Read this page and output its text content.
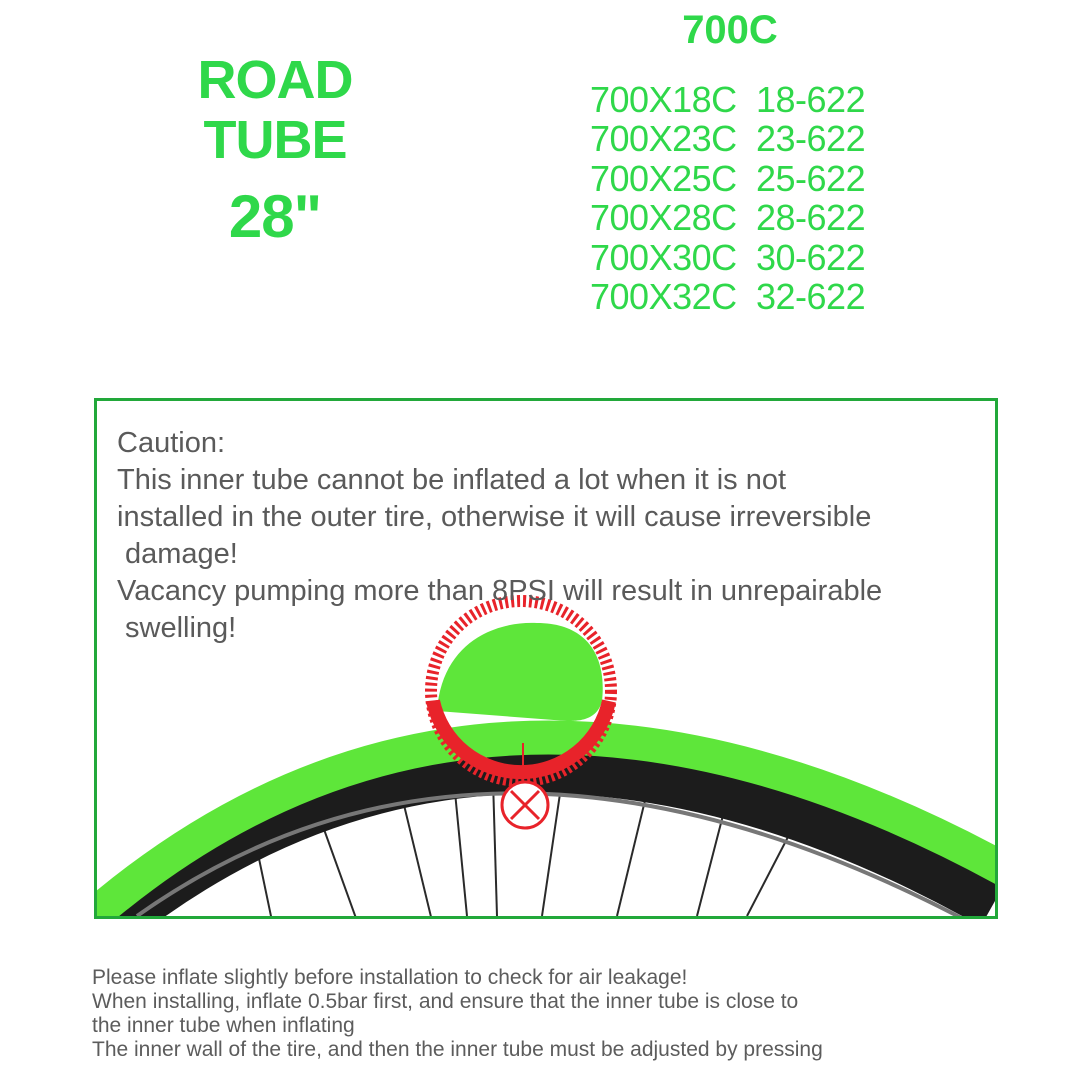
ROAD
TUBE
28"
700C
700X18C 18-622
700X23C 23-622
700X25C 25-622
700X28C 28-622
700X30C 30-622
700X32C 32-622
Caution:
This inner tube cannot be inflated a lot when it is not
installed in the outer tire, otherwise it will cause irreversible
damage!
Vacancy pumping more than 8PSI will result in unrepairable
swelling!
Please inflate slightly before installation to check for air leakage!
When installing, inflate 0.5bar first, and ensure that the inner tube is close to
the inner tube when inflating
The inner wall of the tire, and then the inner tube must be adjusted by pressing
